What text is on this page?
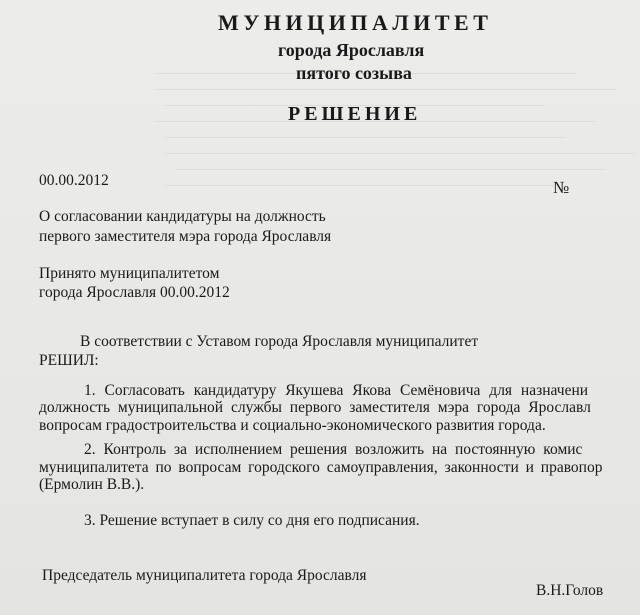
МУНИЦИПАЛИТЕТ
города Ярославля
пятого созыва
РЕШЕНИЕ
00.00.2012	№
О согласовании кандидатуры на должность
первого заместителя мэра города Ярославля
Принято муниципалитетом
города Ярославля 00.00.2012
В соответствии с Уставом города Ярославля муниципалитет
РЕШИЛ:
1. Согласовать кандидатуру Якушева Якова Семёновича для назначени
должность муниципальной службы первого заместителя мэра города Ярославл
вопросам градостроительства и социально-экономического развития города.
2. Контроль за исполнением решения возложить на постоянную комис
муниципалитета по вопросам городского самоуправления, законности и правопор
(Ермолин В.В.).
3. Решение вступает в силу со дня его подписания.
Председатель муниципалитета города Ярославля
В.Н.Голов
